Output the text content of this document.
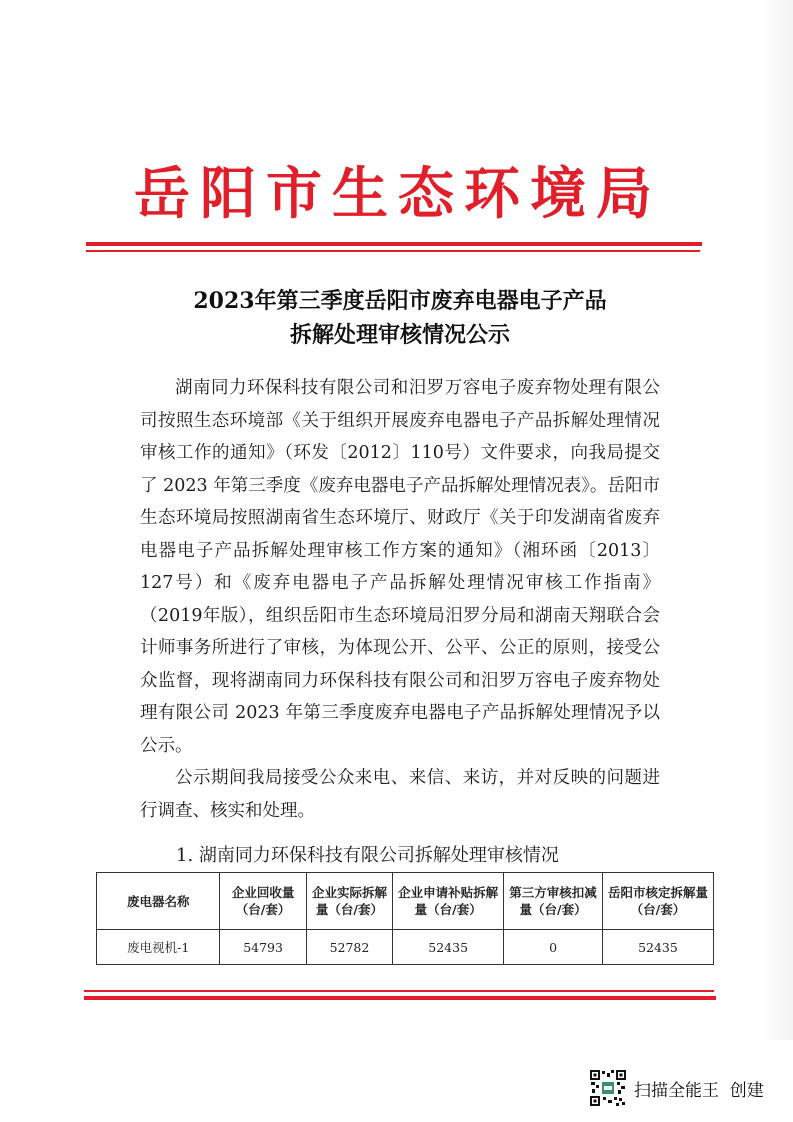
岳阳市生态环境局
2023年第三季度岳阳市废弃电器电子产品
拆解处理审核情况公示

湖南同力环保科技有限公司和汨罗万容电子废弃物处理有限公司按照生态环境部《关于组织开展废弃电器电子产品拆解处理情况审核工作的通知》（环发〔2012〕110号）文件要求，向我局提交了 2023 年第三季度《废弃电器电子产品拆解处理情况表》。岳阳市生态环境局按照湖南省生态环境厅、财政厅《关于印发湖南省废弃电器电子产品拆解处理审核工作方案的通知》（湘环函〔2013〕127号）和《废弃电器电子产品拆解处理情况审核工作指南》（2019年版），组织岳阳市生态环境局汨罗分局和湖南天翔联合会计师事务所进行了审核，为体现公开、公平、公正的原则，接受公众监督，现将湖南同力环保科技有限公司和汨罗万容电子废弃物处理有限公司 2023 年第三季度废弃电器电子产品拆解处理情况予以公示。

公示期间我局接受公众来电、来信、来访，并对反映的问题进行调查、核实和处理。

1. 湖南同力环保科技有限公司拆解处理审核情况
废电器名称	企业回收量（台/套）	企业实际拆解量（台/套）	企业申请补贴拆解量（台/套）	第三方审核扣减量（台/套）	岳阳市核定拆解量（台/套）
废电视机-1	54793	52782	52435	0	52435
扫描全能王  创建
